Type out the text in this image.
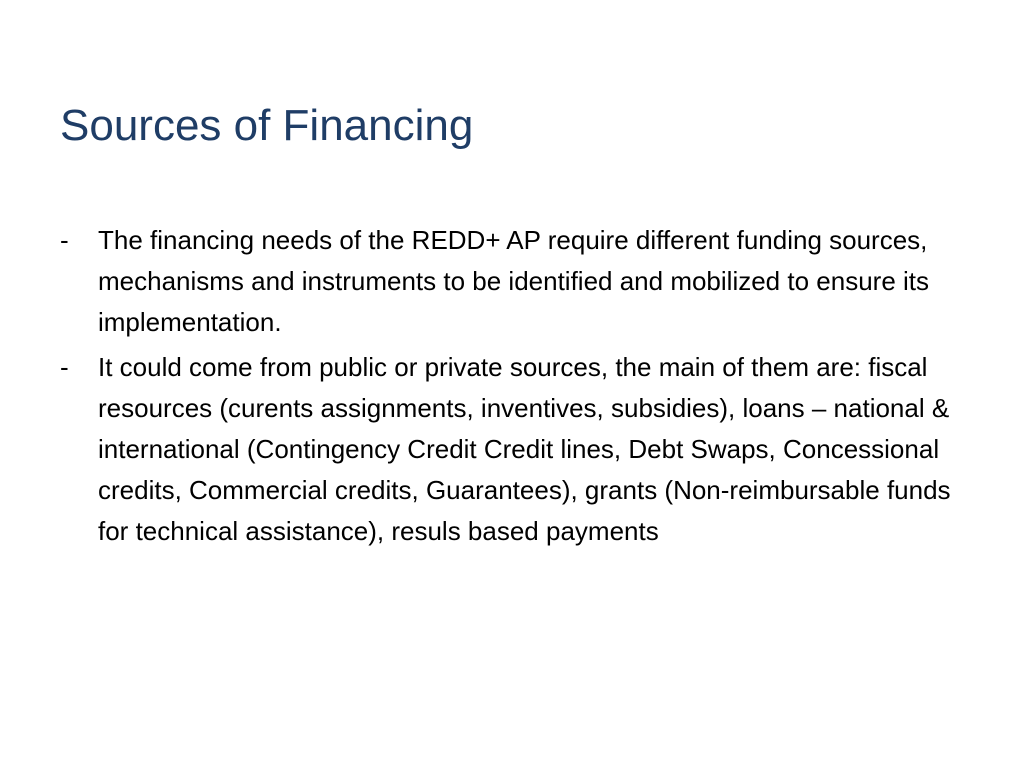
Sources of Financing
-	The financing needs of the REDD+ AP require different funding sources, mechanisms and instruments to be identified and mobilized to ensure its implementation.
-	It could come from public or private sources, the main of them are: fiscal resources (curents assignments, inventives, subsidies), loans – national & international (Contingency Credit Credit lines, Debt Swaps, Concessional credits, Commercial credits, Guarantees), grants (Non-reimbursable funds for technical assistance), resuls based payments
